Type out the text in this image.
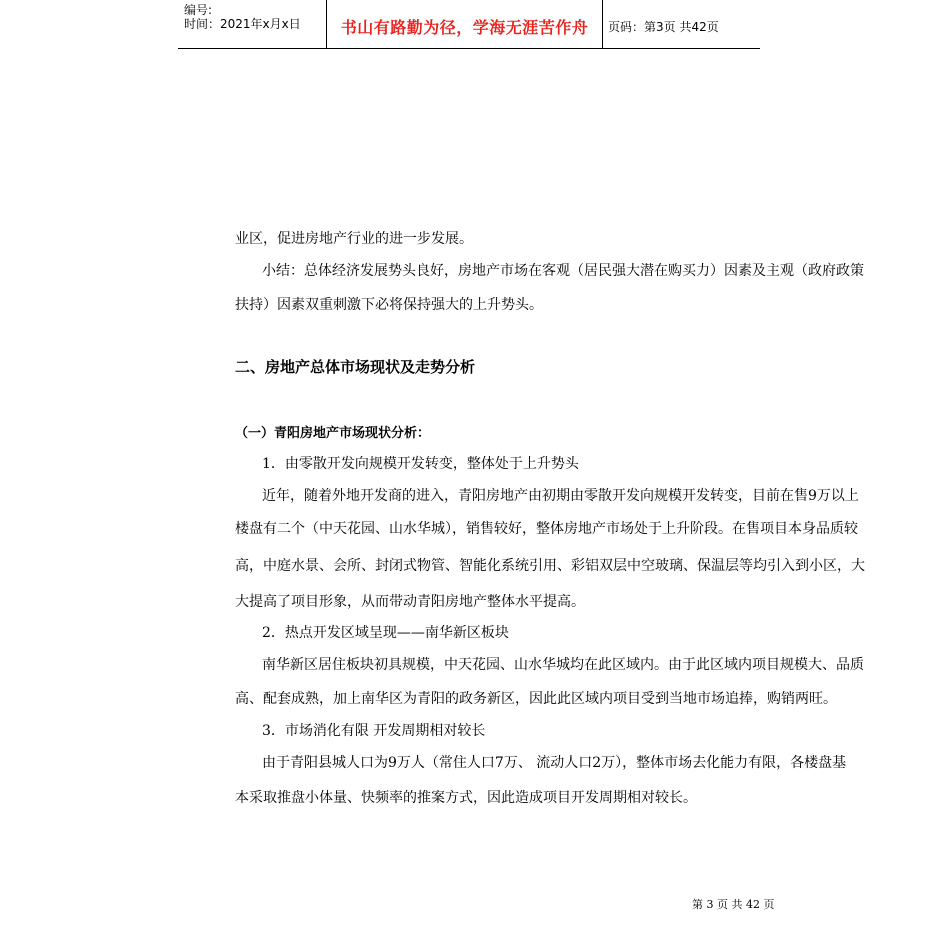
编号:
时间：2021年x月x日	书山有路勤为径，学海无涯苦作舟	页码：第3页 共42页
业区，促进房地产行业的进一步发展。
小结：总体经济发展势头良好，房地产市场在客观（居民强大潜在购买力）因素及主观（政府政策
扶持）因素双重刺激下必将保持强大的上升势头。
二、房地产总体市场现状及走势分析
（一）青阳房地产市场现状分析：
1．由零散开发向规模开发转变，整体处于上升势头
近年，随着外地开发商的进入，青阳房地产由初期由零散开发向规模开发转变，目前在售9万以上
楼盘有二个（中天花园、山水华城），销售较好，整体房地产市场处于上升阶段。在售项目本身品质较
高，中庭水景、会所、封闭式物管、智能化系统引用、彩铝双层中空玻璃、保温层等均引入到小区，大
大提高了项目形象，从而带动青阳房地产整体水平提高。
2．热点开发区域呈现——南华新区板块
南华新区居住板块初具规模，中天花园、山水华城均在此区域内。由于此区域内项目规模大、品质
高、配套成熟，加上南华区为青阳的政务新区，因此此区域内项目受到当地市场追捧，购销两旺。
3．市场消化有限 开发周期相对较长
由于青阳县城人口为9万人（常住人口7万、 流动人口2万），整体市场去化能力有限，各楼盘基
本采取推盘小体量、快频率的推案方式，因此造成项目开发周期相对较长。
第 3 页 共 42 页
